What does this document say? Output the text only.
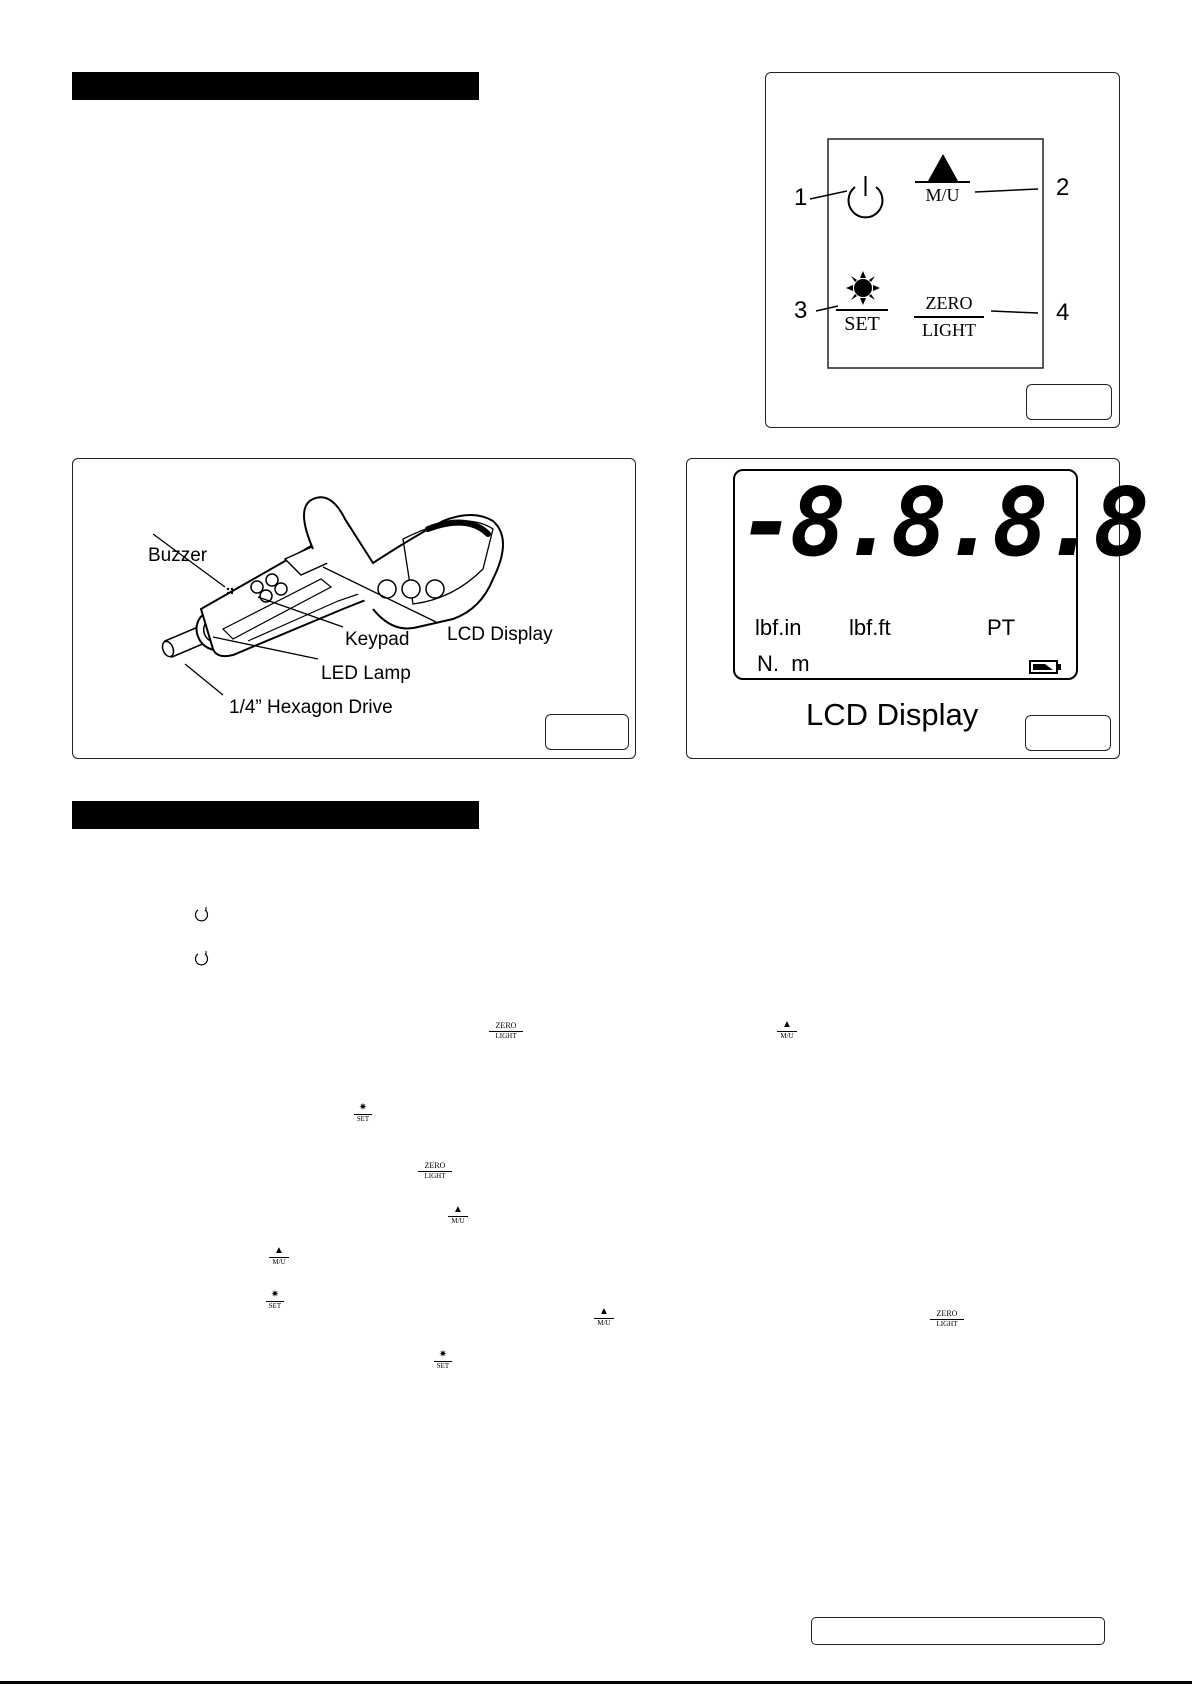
1	2
3	4
M/U
SET
ZERO
LIGHT
Buzzer
Keypad LCD Display
LED Lamp
1/4” Hexagon Drive
-8.8.8.8
lbf.in lbf.ft	PT
N.  m
LCD Display
ZERO
LIGHT
▲
M/U
✷
SET
ZERO
LIGHT
▲
M/U
▲
M/U
✷
SET	▲
M/U
ZERO
LIGHT
✷
SET
